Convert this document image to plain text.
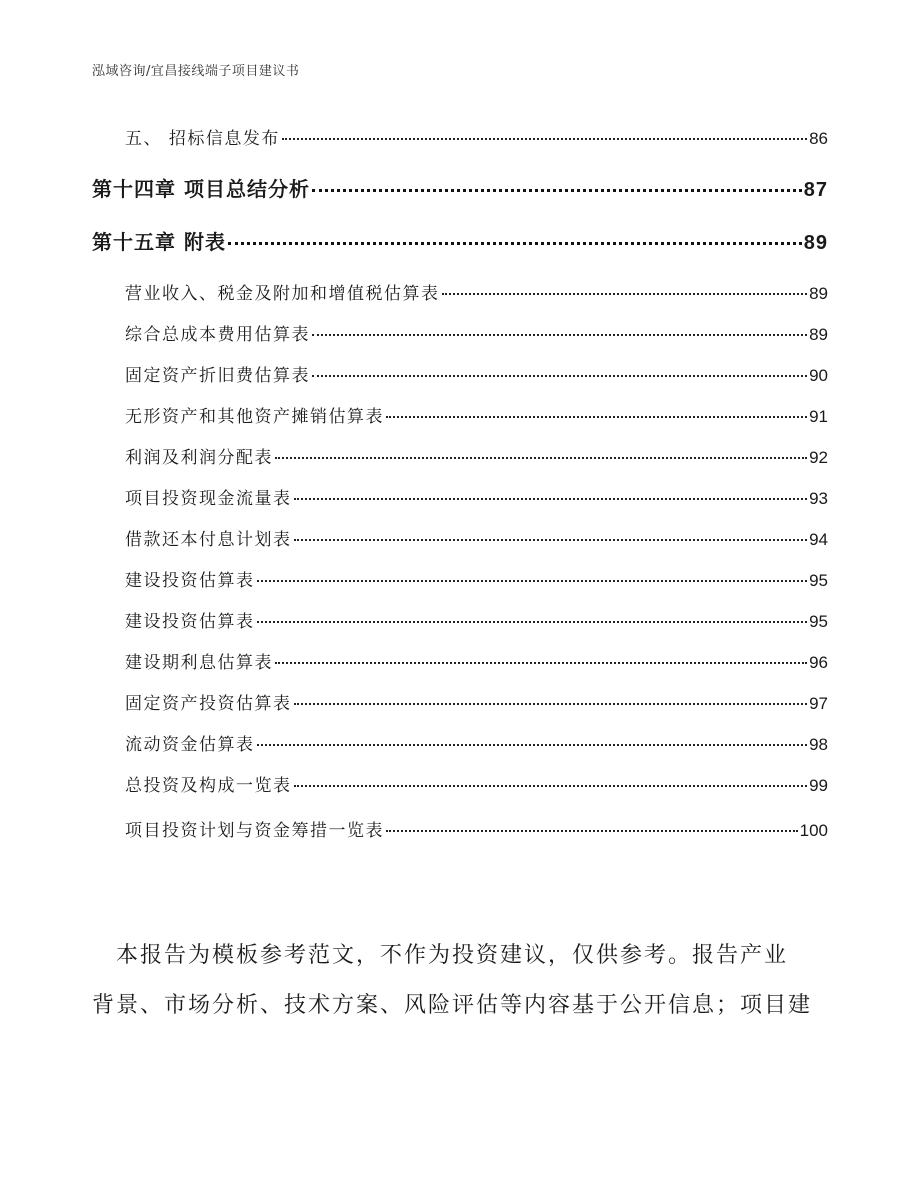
泓域咨询/宜昌接线端子项目建议书
五、 招标信息发布	86
第十四章 项目总结分析	87
第十五章 附表	89
营业收入、税金及附加和增值税估算表	89
综合总成本费用估算表	89
固定资产折旧费估算表	90
无形资产和其他资产摊销估算表	91
利润及利润分配表	92
项目投资现金流量表	93
借款还本付息计划表	94
建设投资估算表	95
建设投资估算表	95
建设期利息估算表	96
固定资产投资估算表	97
流动资金估算表	98
总投资及构成一览表	99
项目投资计划与资金筹措一览表	100
　本报告为模板参考范文，不作为投资建议，仅供参考。报告产业
背景、市场分析、技术方案、风险评估等内容基于公开信息；项目建
